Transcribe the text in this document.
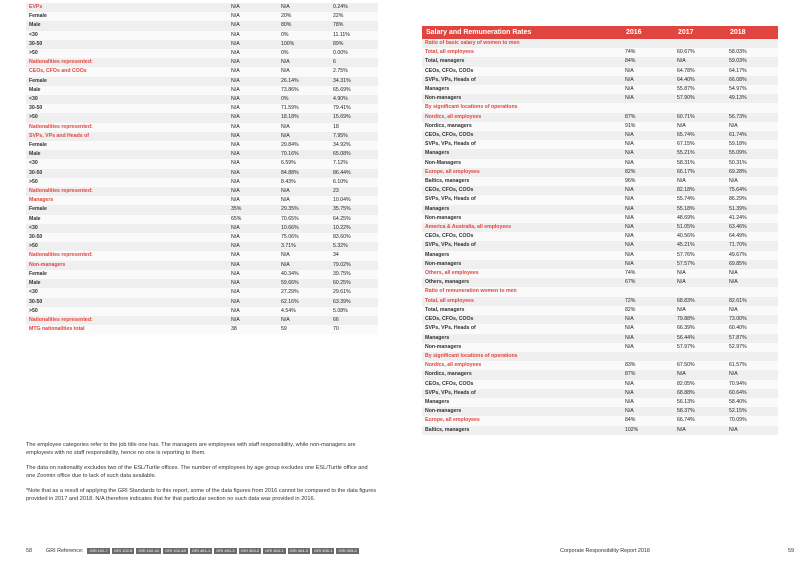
EVPs	N/A	N/A	0.24%
Female	N/A	20%	22%
Male	N/A	80%	78%
<30	N/A	0%	11.11%
30-50	N/A	100%	89%
>50	N/A	0%	0.00%
Nationalities represented:	N/A	N/A	6
CEOs, CFOs and COOs	N/A	N/A	2.75%
Female	N/A	26.14%	34.31%
Male	N/A	73.86%	65.69%
<30	N/A	0%	4.90%
30-50	N/A	71.59%	79.41%
>50	N/A	18.18%	15.69%
Nationalities represented:	N/A	N/A	18
SVPs, VPs and Heads of	N/A	N/A	7.95%
Female	N/A	29.84%	34.92%
Male	N/A	70.16%	65.08%
<30	N/A	6.59%	7.12%
30-50	N/A	84.88%	86.44%
>50	N/A	8.43%	6.10%
Nationalities represented:	N/A	N/A	23
Managers	N/A	N/A	10.04%
Female	35%	29.35%	35.75%
Male	65%	70.65%	64.25%
<30	N/A	10.66%	10.22%
30-50	N/A	75.06%	83.60%
>50	N/A	3.71%	5.32%
Nationalities represented:	N/A	N/A	34
Non-managers	N/A	N/A	79.02%
Female	N/A	40.34%	39.75%
Male	N/A	59.66%	60.25%
<30	N/A	27.29%	29.61%
30-50	N/A	62.16%	63.39%
>50	N/A	4.54%	5.08%
Nationalities represented:	N/A	N/A	66
MTG nationalities total	38	59	70

The employee categories refer to the job title one has. The managers are employees with staff responsibility, while non-managers are employees with no staff responsibility, hence no one is reporting to them.

The data on nationality excludes two of the ESL/Turtle offices. The number of employees by age group excludes one ESL/Turtle office and one Zoomin office due to lack of such data available.

*Note that as a result of applying the GRI Standards to this report, some of the data figures from 2016 cannot be compared to the data figures provided in 2017 and 2018. N/A therefore indicates that for that particular section no such data was provided in 2016.

58	GRI Reference:	GRI 102-7 GRI 102-8 GRI 102-41 GRI 102-48 GRI 401-1 GRI 401-3 GRI 403-2 GRI 404-1 GRI 404-3 GRI 405-1 GRI 405-2
Salary and Remuneration Rates	2016	2017	2018
Ratio of basic salary of women to men			
Total, all employees	74%	60.67%	58.03%
Total, managers	84%	N/A	59.03%
CEOs, CFOs, COOs	N/A	64.78%	64.17%
SVPs, VPs, Heads of	N/A	64.40%	66.08%
Managers	N/A	55.87%	54.97%
Non-managers	N/A	57.90%	49.13%
By significant locations of operations			
Nordics, all employees	87%	60.71%	56.73%
Nordics, managers	91%	N/A	N/A
CEOs, CFOs, COOs	N/A	65.74%	61.74%
SVPs, VPs, Heads of	N/A	67.15%	59.18%
Managers	N/A	55.21%	55.09%
Non-Managers	N/A	58.31%	50.31%
Europe, all employees	82%	66.17%	69.28%
Baltics, managers	96%	N/A	N/A
CEOs, CFOs, COOs	N/A	82.18%	75.64%
SVPs, VPs, Heads of	N/A	55.74%	86.29%
Managers	N/A	55.18%	51.39%
Non-managers	N/A	48.69%	41.24%
America & Australia, all employees	N/A	51.05%	63.46%
CEOs, CFOs, COOs	N/A	40.56%	64.49%
SVPs, VPs, Heads of	N/A	45.21%	71.70%
Managers	N/A	57.76%	49.67%
Non-managers	N/A	57.57%	69.85%
Others, all employees	74%	N/A	N/A
Others, managers	67%	N/A	N/A
Ratio of remuneration women to men			
Total, all employees	72%	68.83%	82.61%
Total, managers	82%	N/A	N/A
CEOs, CFOs, COOs	N/A	79.88%	73.00%
SVPs, VPs, Heads of	N/A	66.39%	60.40%
Managers	N/A	56.44%	57.87%
Non-managers	N/A	57.97%	52.97%
By significant locations of operations			
Nordics, all employees	83%	67.50%	61.57%
Nordics, managers	87%	N/A	N/A
CEOs, CFOs, COOs	N/A	82.05%	70.94%
SVPs, VPs, Heads of	N/A	68.88%	60.64%
Managers	N/A	56.13%	58.40%
Non-managers	N/A	58.37%	52.15%
Europe, all employees	84%	66.74%	70.09%
Baltics, managers	102%	N/A	N/A
Corporate Responsibility Report 2018	59
